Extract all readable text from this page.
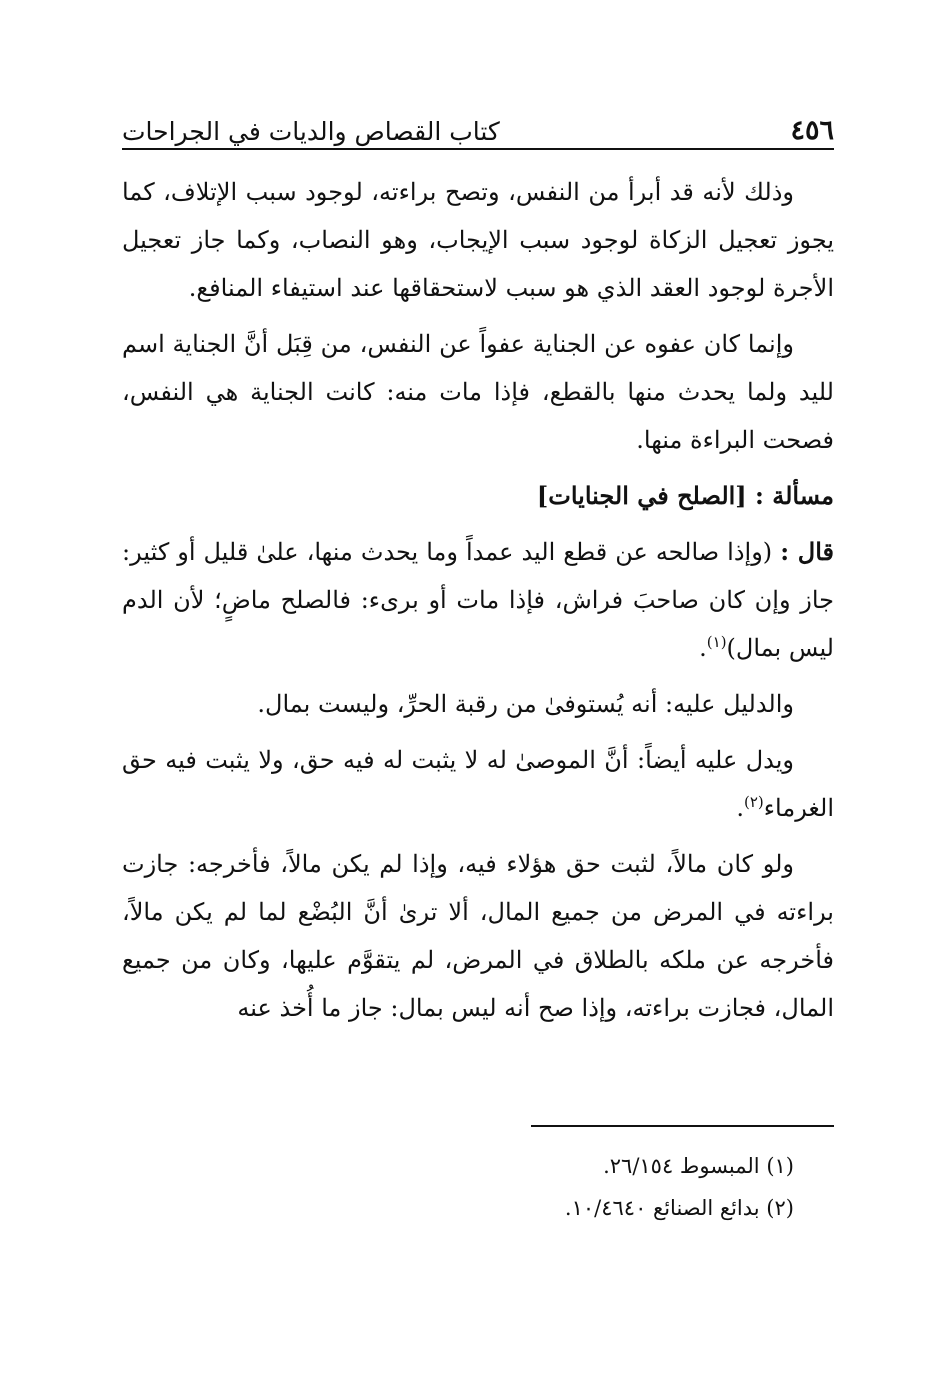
٤٥٦
كتاب القصاص والديات في الجراحات

وذلك لأنه قد أبرأ من النفس، وتصح براءته، لوجود سبب الإتلاف، كما يجوز تعجيل الزكاة لوجود سبب الإيجاب، وهو النصاب، وكما جاز تعجيل الأجرة لوجود العقد الذي هو سبب لاستحقاقها عند استيفاء المنافع.

وإنما كان عفوه عن الجناية عفواً عن النفس، من قِبَل أنَّ الجناية اسم لليد ولما يحدث منها بالقطع، فإذا مات منه: كانت الجناية هي النفس، فصحت البراءة منها.

مسألة : [الصلح في الجنايات]

قال : (وإذا صالحه عن قطع اليد عمداً وما يحدث منها، علىٰ قليل أو كثير: جاز وإن كان صاحبَ فراش، فإذا مات أو برىء: فالصلح ماضٍ؛ لأن الدم ليس بمال)$^{(١)}$.

والدليل عليه: أنه يُستوفىٰ من رقبة الحرِّ، وليست بمال.

ويدل عليه أيضاً: أنَّ الموصىٰ له لا يثبت له فيه حق، ولا يثبت فيه حق الغرماء$^{(٢)}$.

ولو كان مالاً، لثبت حق هؤلاء فيه، وإذا لم يكن مالاً، فأخرجه: جازت براءته في المرض من جميع المال، ألا ترىٰ أنَّ البُضْع لما لم يكن مالاً، فأخرجه عن ملكه بالطلاق في المرض، لم يتقوَّم عليها، وكان من جميع المال، فجازت براءته، وإذا صح أنه ليس بمال: جاز ما أُخذ عنه

(١) المبسوط ٢٦/١٥٤.

(٢) بدائع الصنائع ١٠/٤٦٤٠.
